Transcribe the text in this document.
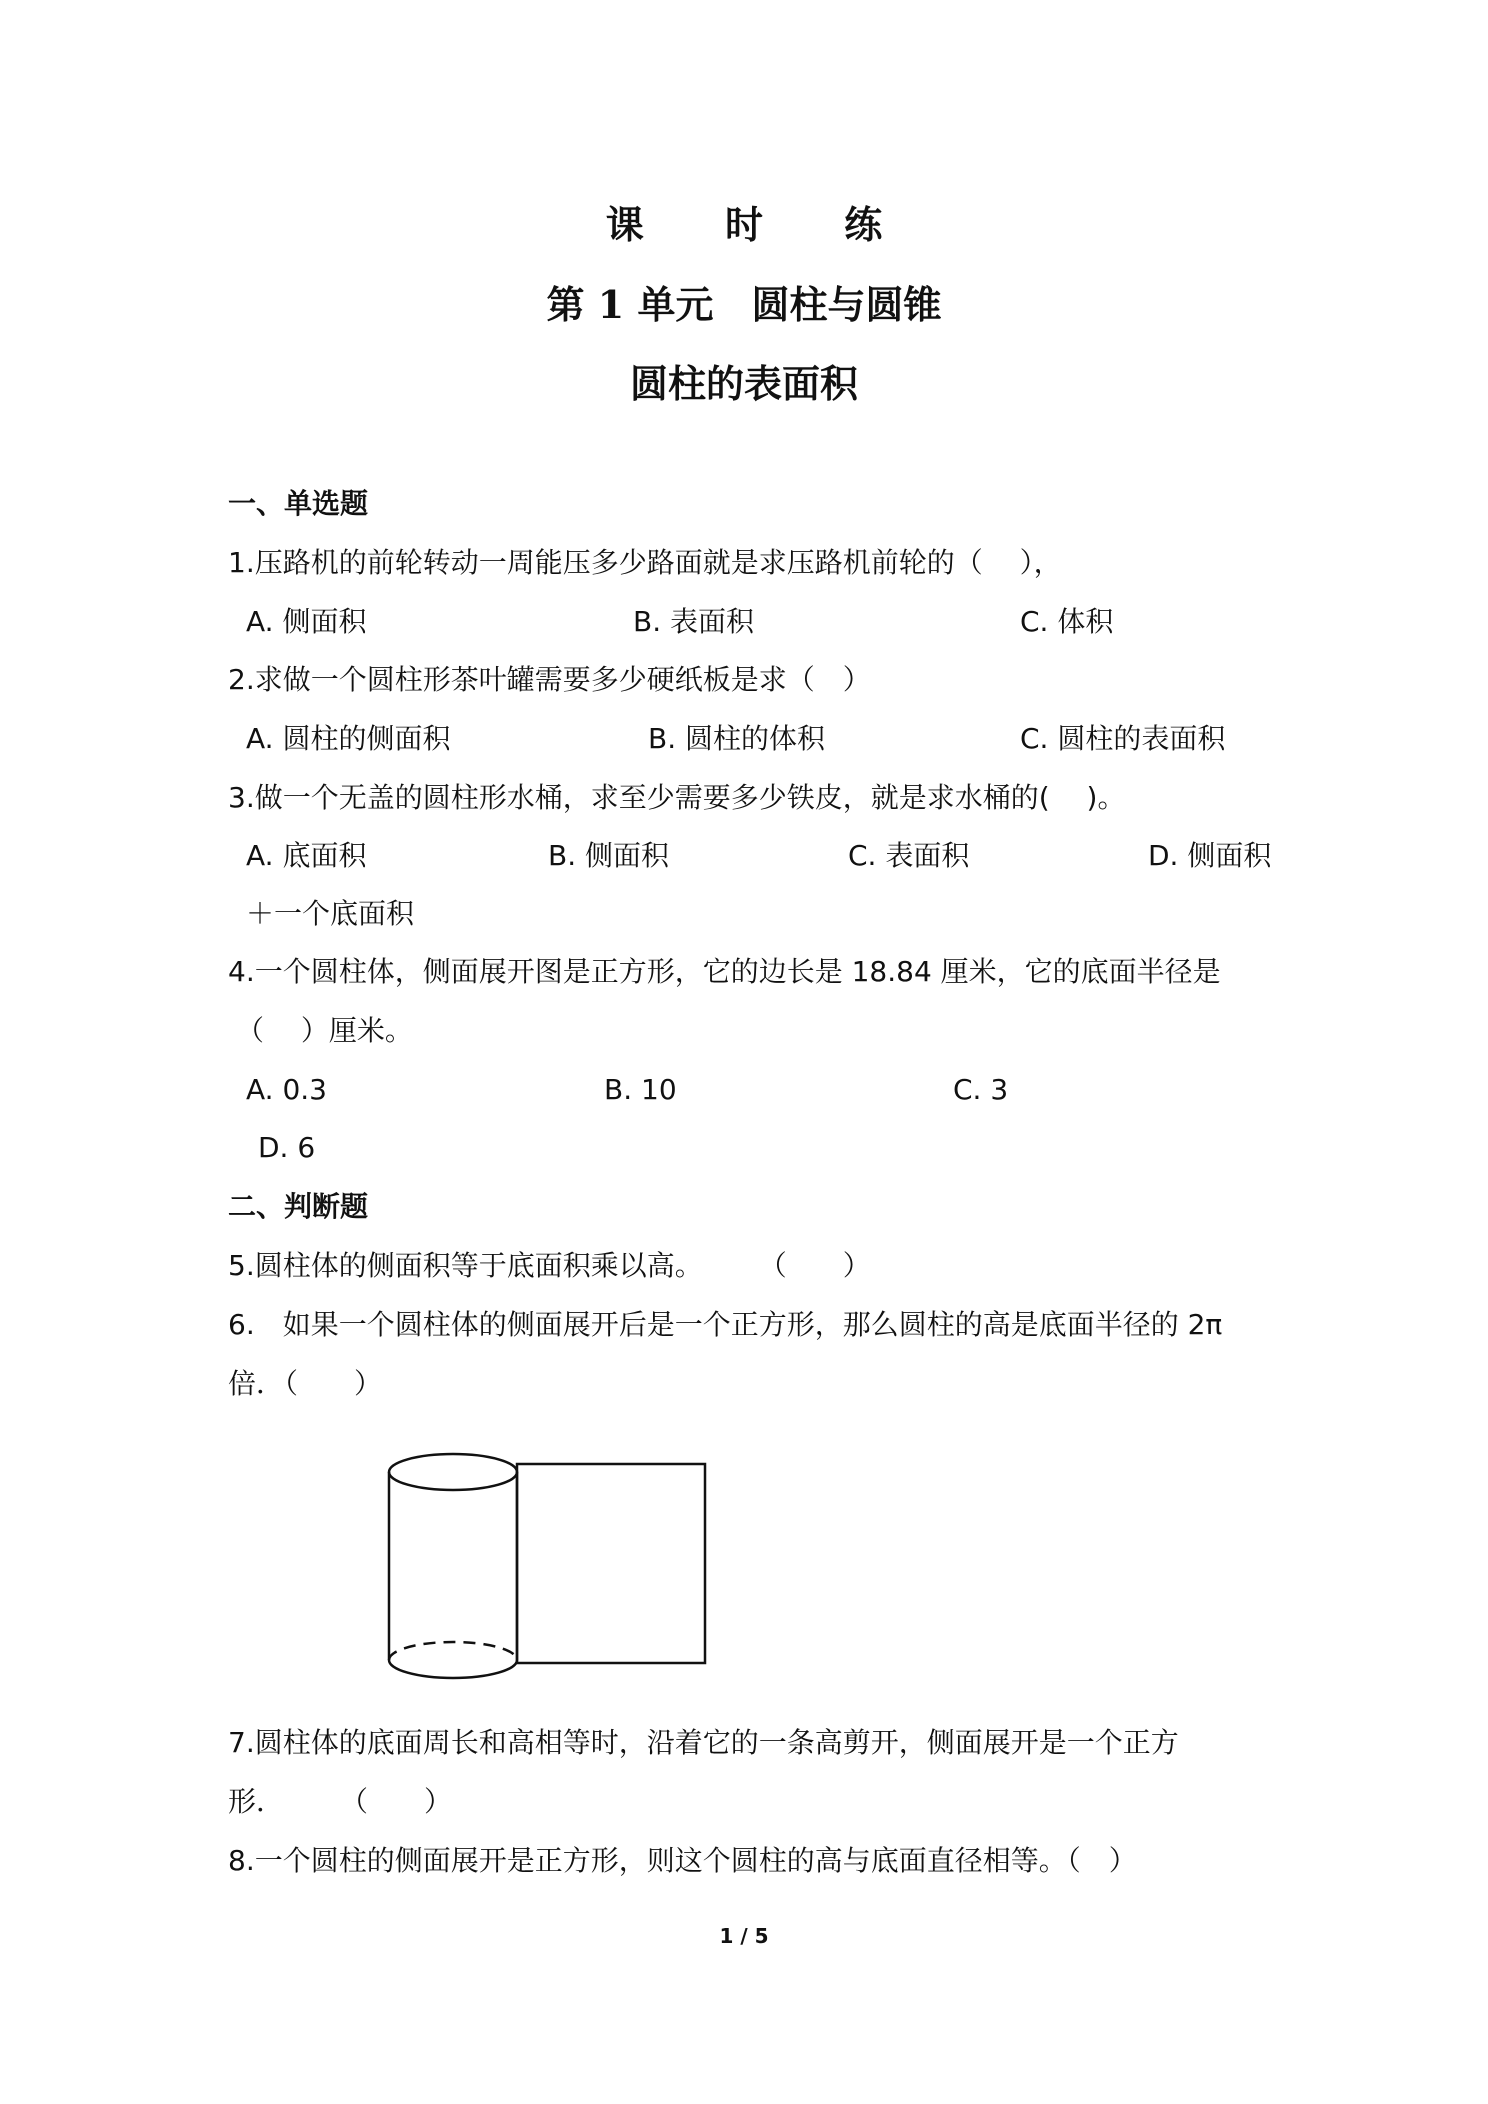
课 时 练
第 1 单元　圆柱与圆锥
圆柱的表面积
一、单选题
1.压路机的前轮转动一周能压多少路面就是求压路机前轮的（　 ），
A. 侧面积	B. 表面积	C. 体积
2.求做一个圆柱形茶叶罐需要多少硬纸板是求（　）
A. 圆柱的侧面积	B. 圆柱的体积	C. 圆柱的表面积
3.做一个无盖的圆柱形水桶，求至少需要多少铁皮，就是求水桶的(　 )。
A. 底面积	B. 侧面积	C. 表面积	D. 侧面积
＋一个底面积
4.一个圆柱体，侧面展开图是正方形，它的边长是 18.84 厘米，它的底面半径是
（　 ）厘米。
A. 0.3	B. 10	C. 3
D. 6
二、判断题
5.圆柱体的侧面积等于底面积乘以高。　　　（　　）
6.　如果一个圆柱体的侧面展开后是一个正方形，那么圆柱的高是底面半径的 2π
倍．（　　）
7.圆柱体的底面周长和高相等时，沿着它的一条高剪开，侧面展开是一个正方
形．　　　（　　）
8.一个圆柱的侧面展开是正方形，则这个圆柱的高与底面直径相等。（　）
1 / 5
